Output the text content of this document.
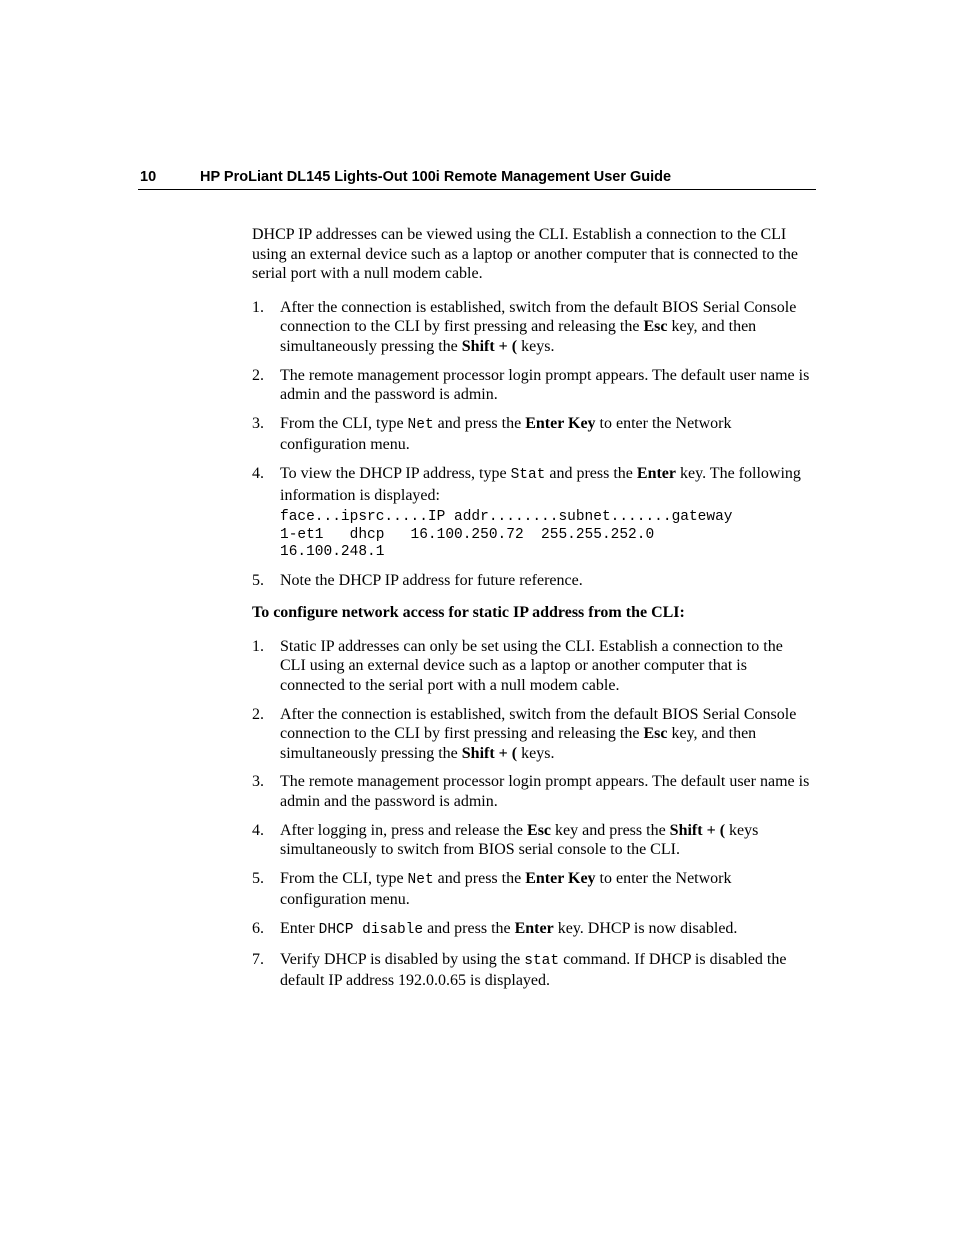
10	HP ProLiant DL145 Lights-Out 100i Remote Management User Guide

DHCP IP addresses can be viewed using the CLI. Establish a connection to the CLI using an external device such as a laptop or another computer that is connected to the serial port with a null modem cable.

1. After the connection is established, switch from the default BIOS Serial Console connection to the CLI by first pressing and releasing the Esc key, and then simultaneously pressing the Shift + ( keys.
2. The remote management processor login prompt appears. The default user name is admin and the password is admin.
3. From the CLI, type Net and press the Enter Key to enter the Network configuration menu.
4. To view the DHCP IP address, type Stat and press the Enter key. The following information is displayed:
face...ipsrc.....IP addr........subnet.......gateway
1-et1   dhcp   16.100.250.72  255.255.252.0
16.100.248.1
5. Note the DHCP IP address for future reference.

To configure network access for static IP address from the CLI:

1. Static IP addresses can only be set using the CLI. Establish a connection to the CLI using an external device such as a laptop or another computer that is connected to the serial port with a null modem cable.
2. After the connection is established, switch from the default BIOS Serial Console connection to the CLI by first pressing and releasing the Esc key, and then simultaneously pressing the Shift + ( keys.
3. The remote management processor login prompt appears. The default user name is admin and the password is admin.
4. After logging in, press and release the Esc key and press the Shift + ( keys simultaneously to switch from BIOS serial console to the CLI.
5. From the CLI, type Net and press the Enter Key to enter the Network configuration menu.
6. Enter DHCP disable and press the Enter key. DHCP is now disabled.
7. Verify DHCP is disabled by using the stat command. If DHCP is disabled the default IP address 192.0.0.65 is displayed.
